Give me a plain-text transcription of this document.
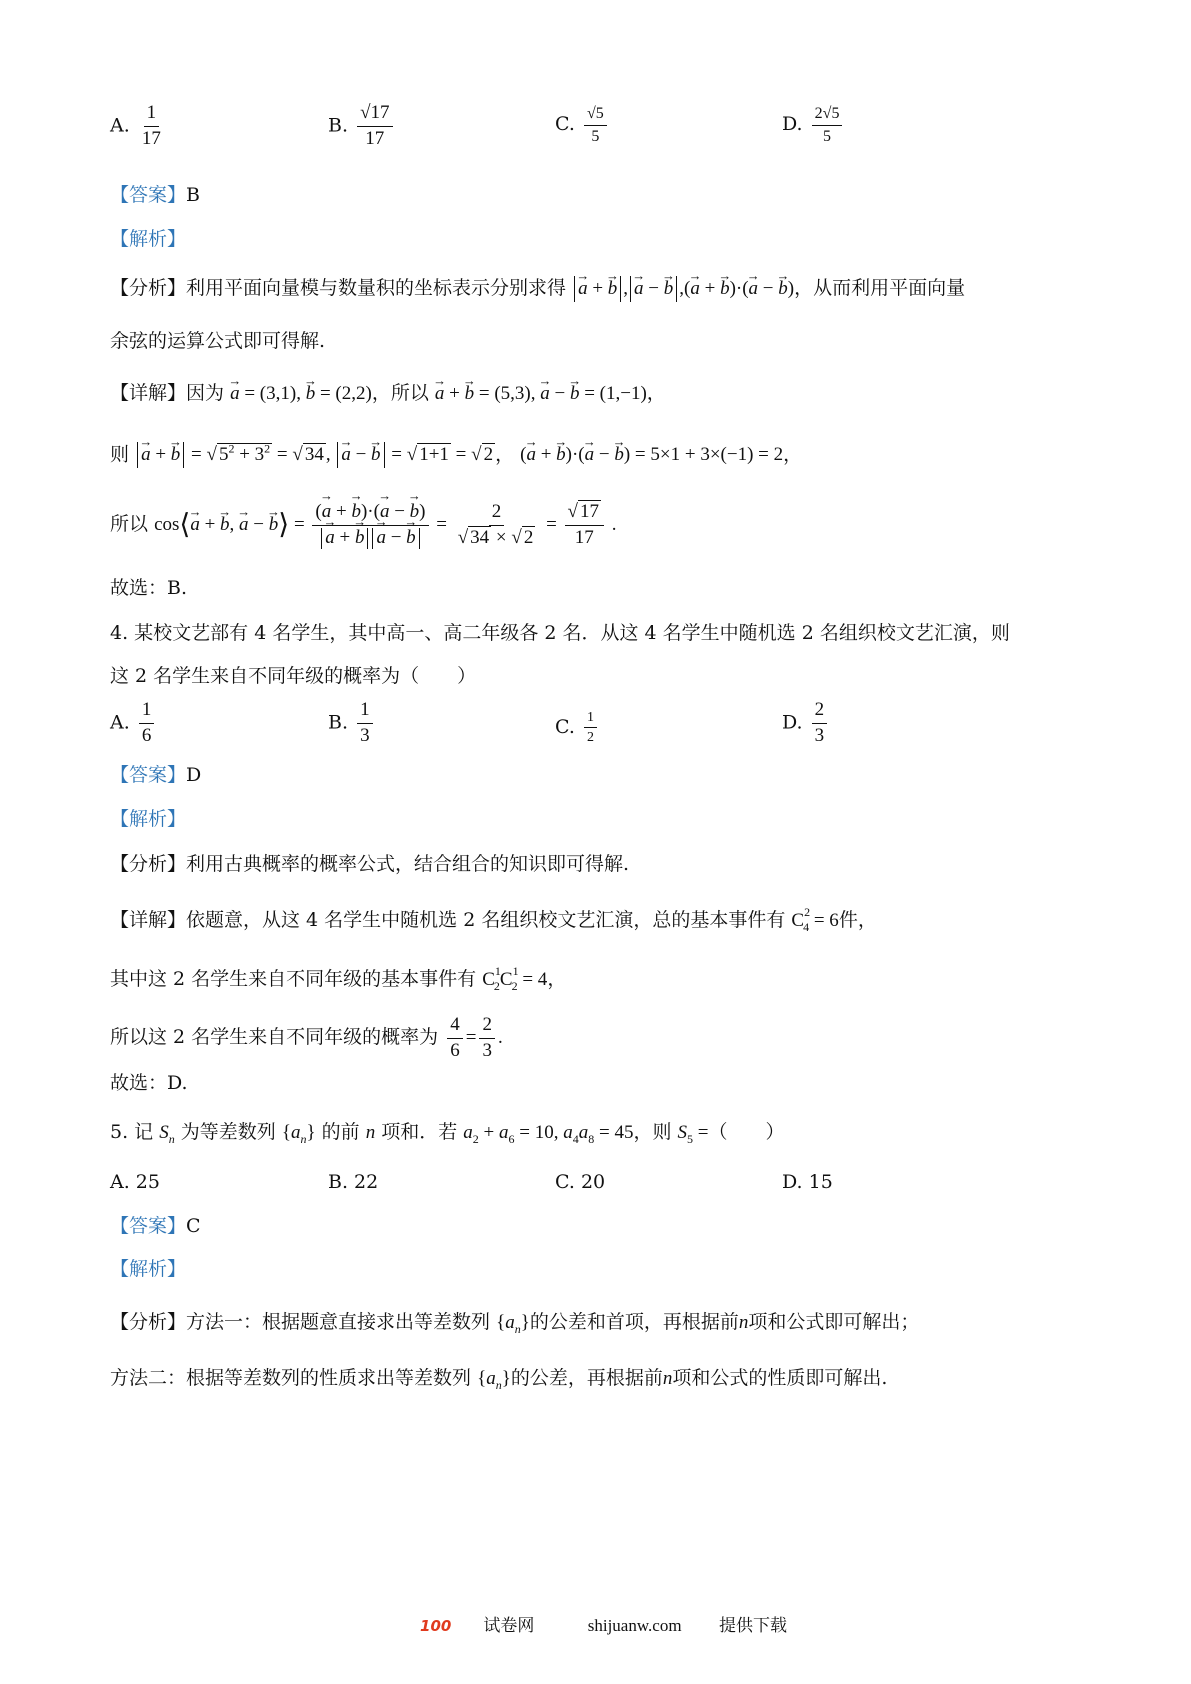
A. $\frac{1}{17}$	B. $\frac{√17}{17}$	C. $\frac{√5}{5}$	D. $\frac{2√5}{5}$
【答案】B
【解析】
【分析】利用平面向量模与数量积的坐标表示分别求得 → a + → b , → a − → b ,(→ a + → b)·(→ a − → b)，从而利用平面向量
余弦的运算公式即可得解.
【详解】因为 → a = (3,1), → b = (2,2)，所以 → a + → b = (5,3), → a − → b = (1,−1)，
则 → a + → b = √ $5^2 + 3^2$ = √ 34 , → a − → b = √ 1+1 = √ 2 ， (→ a + → b)·(→ a − → b) = 5×1 + 3×(−1) = 2，
所以 cos⟨→ a + → b, → a − → b⟩ = (→ a + → b)·(→ a − → b)
→ a + → b → a − → $b = \frac{2}{√ 34 \times √ 2} = \frac{√ 17}{17}$ .
故选：B.
4. 某校文艺部有 4 名学生，其中高一、高二年级各 2 名．从这 4 名学生中随机选 2 名组织校文艺汇演，则
这 2 名学生来自不同年级的概率为（　　）
A. $\frac{1}{6}$	B. $\frac{1}{3}$	C. $\frac{1}{2}$	D. $\frac{2}{3}$
【答案】D
【解析】
【分析】利用古典概率的概率公式，结合组合的知识即可得解.
【详解】依题意，从这 4 名学生中随机选 2 名组织校文艺汇演，总的基本事件有 $C^2_4 = 6$件，
其中这 2 名学生来自不同年级的基本事件有 $C^1_2C^1_2 = 4$，
所以这 2 名学生来自不同年级的概率为 $\frac{4}{6} = \frac{2}{3}$ .
故选：D.
5. 记 $S_n$ 为等差数列 $\{a_n\}$ 的前 n 项和．若 $a_2 + a_6 = 10$, $a_4a_8 = 45$，则 $S_5$ =（　　）
A. 25	B. 22	C. 20	D. 15
【答案】C
【解析】
【分析】方法一：根据题意直接求出等差数列 $\{a_n\}$的公差和首项，再根据前n项和公式即可解出；
方法二：根据等差数列的性质求出等差数列 $\{a_n\}$的公差，再根据前n项和公式的性质即可解出.
100 试卷网	shijuanw.com 提供下载
